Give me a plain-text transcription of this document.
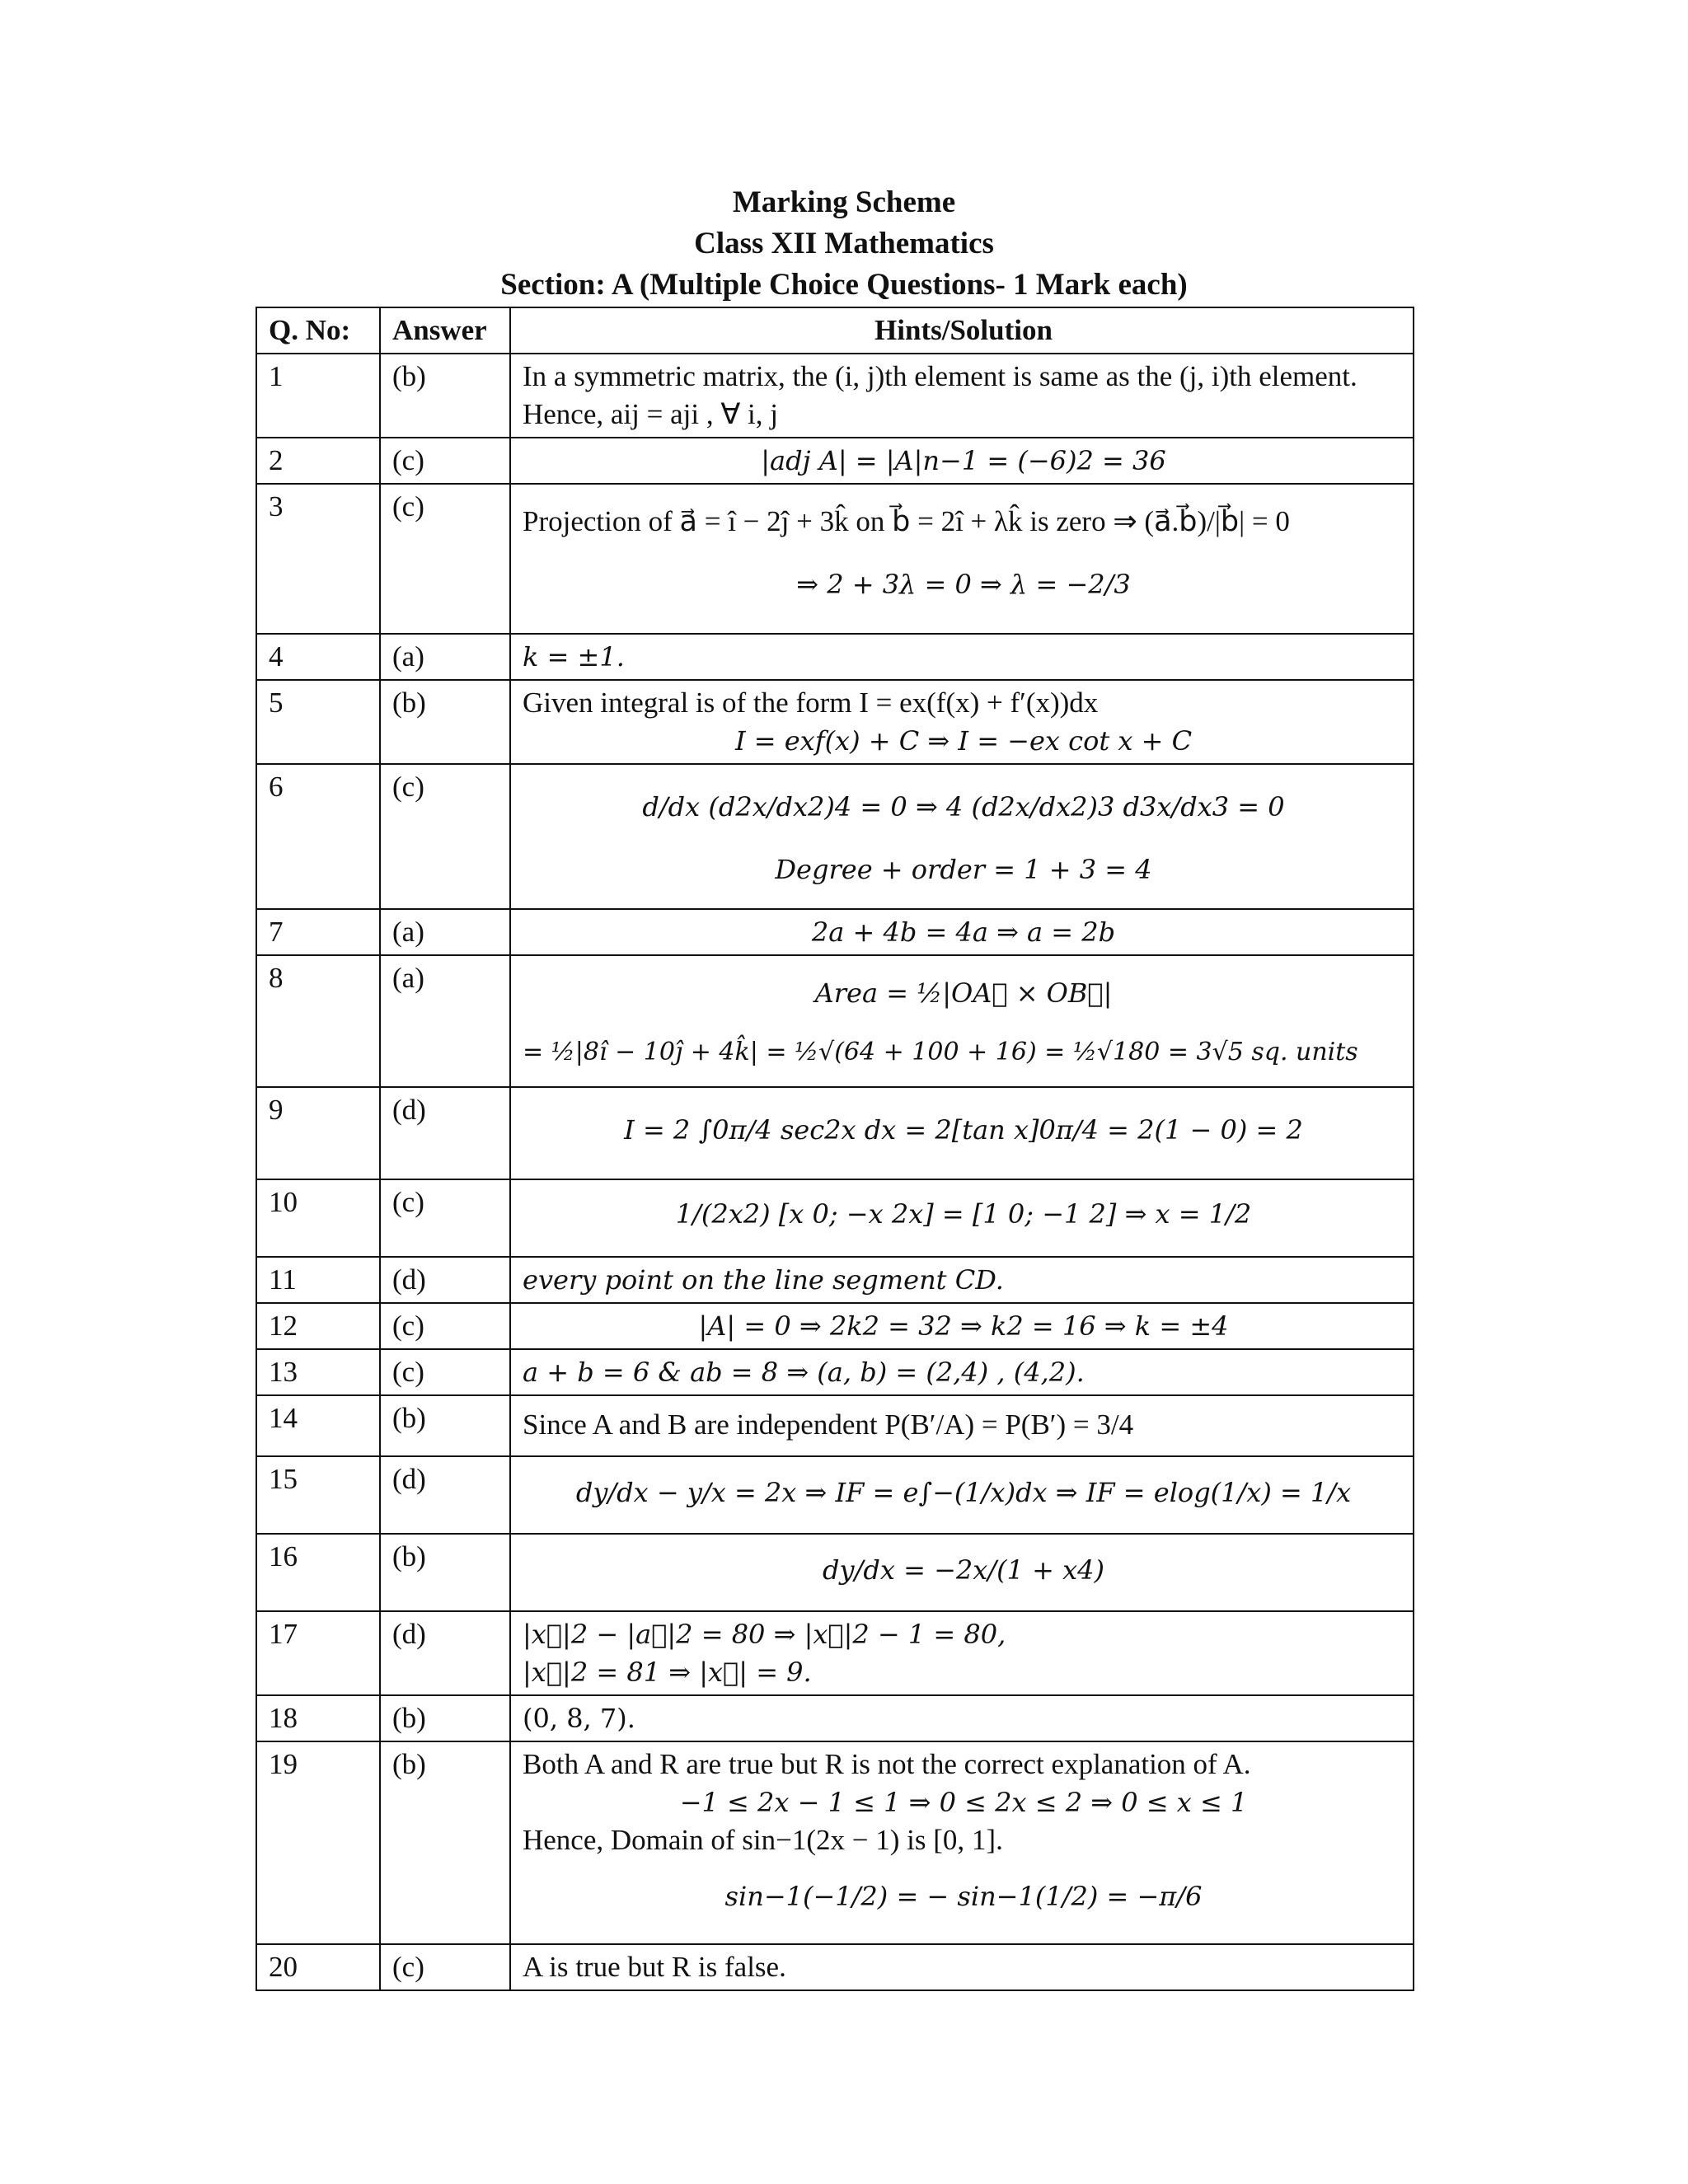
Marking Scheme
Class XII Mathematics
Section: A (Multiple Choice Questions- 1 Mark each)
Q. No:	Answer	Hints/Solution
1	(b)	In a symmetric matrix, the (i, j)th element is same as the (j, i)th element.
Hence, aij = aji , ∀ i, j

2	(c)	|adj A| = |A|n−1 = (−6)2 = 36

3	(c)	Projection of a⃗ = î − 2ĵ + 3k̂ on b⃗ = 2î + λk̂ is zero ⇒ (a⃗.b⃗)/|b⃗| = 0
⇒ 2 + 3λ = 0 ⇒ λ = −2/3

4	(a)	k = ±1.

5	(b)	Given integral is of the form I = ex(f(x) + f′(x))dx
I = exf(x) + C ⇒ I = −ex cot x + C

6	(c)	d/dx (d2x/dx2)4 = 0 ⇒ 4 (d2x/dx2)3 d3x/dx3 = 0
Degree + order = 1 + 3 = 4

7	(a)	2a + 4b = 4a ⇒ a = 2b

8	(a)	Area = ½|OA⃗ × OB⃗|
= ½|8î − 10ĵ + 4k̂| = ½√(64 + 100 + 16) = ½√180 = 3√5 sq. units

9	(d)	I = 2 ∫0π/4 sec2x dx = 2[tan x]0π/4 = 2(1 − 0) = 2

10	(c)	1/(2x2) [x 0; −x 2x] = [1 0; −1 2] ⇒ x = 1/2

11	(d)	every point on the line segment CD.

12	(c)	|A| = 0 ⇒ 2k2 = 32 ⇒ k2 = 16 ⇒ k = ±4

13	(c)	a + b = 6 & ab = 8 ⇒ (a, b) = (2,4) , (4,2).

14	(b)	Since A and B are independent P(B′/A) = P(B′) = 3/4

15	(d)	dy/dx − y/x = 2x ⇒ IF = e∫−(1/x)dx ⇒ IF = elog(1/x) = 1/x

16	(b)	dy/dx = −2x/(1 + x4)

17	(d)	|x⃗|2 − |a⃗|2 = 80 ⇒ |x⃗|2 − 1 = 80,
|x⃗|2 = 81 ⇒ |x⃗| = 9.

18	(b)	(0, 8, 7).

19	(b)	Both A and R are true but R is not the correct explanation of A.
−1 ≤ 2x − 1 ≤ 1 ⇒ 0 ≤ 2x ≤ 2 ⇒ 0 ≤ x ≤ 1
Hence, Domain of sin−1(2x − 1) is [0, 1].
sin−1(−1/2) = − sin−1(1/2) = −π/6

20	(c)	A is true but R is false.
